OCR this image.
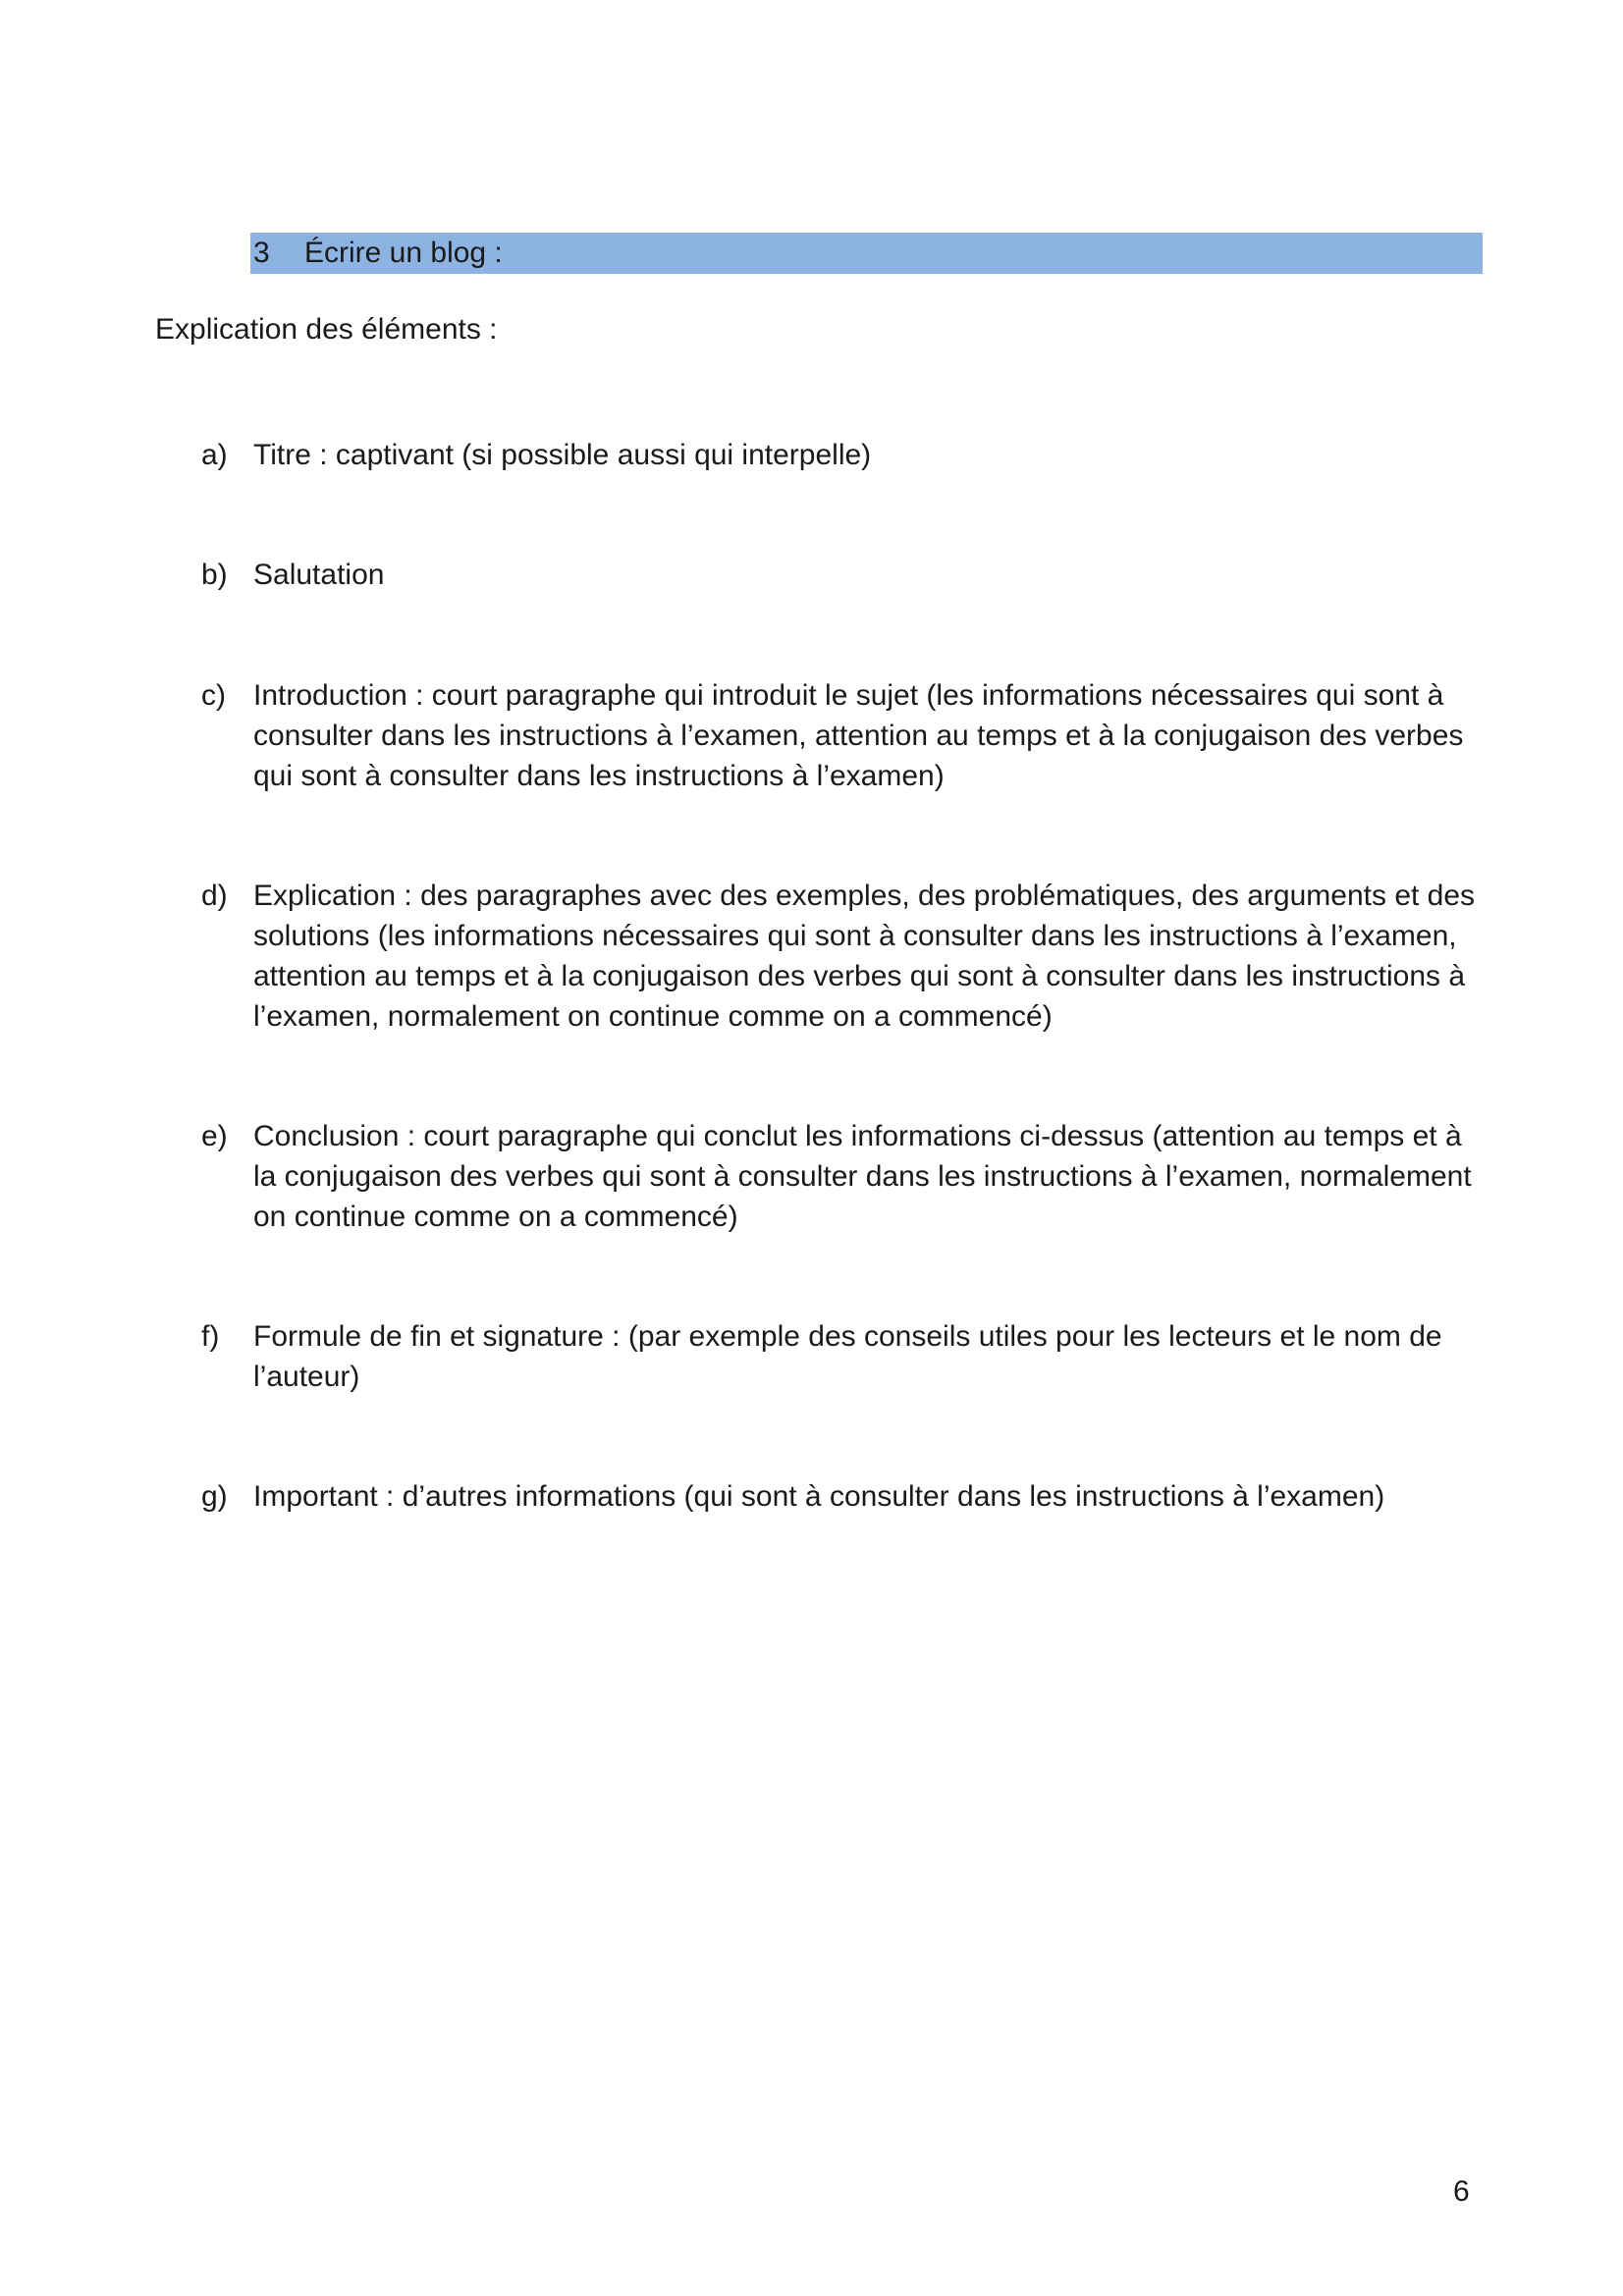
3	Écrire un blog :
Explication des éléments :
a) Titre : captivant (si possible aussi qui interpelle)
b) Salutation
c) Introduction : court paragraphe qui introduit le sujet (les informations nécessaires qui sont à consulter dans les instructions à l’examen, attention au temps et à la conjugaison des verbes qui sont à consulter dans les instructions à l’examen)
d) Explication : des paragraphes avec des exemples, des problématiques, des arguments et des solutions (les informations nécessaires qui sont à consulter dans les instructions à l’examen, attention au temps et à la conjugaison des verbes qui sont à consulter dans les instructions à l’examen, normalement on continue comme on a commencé)
e) Conclusion : court paragraphe qui conclut les informations ci-dessus (attention au temps et à la conjugaison des verbes qui sont à consulter dans les instructions à l’examen, normalement on continue comme on a commencé)
f)	Formule de fin et signature : (par exemple des conseils utiles pour les lecteurs et le nom de l’auteur)
g) Important : d’autres informations (qui sont à consulter dans les instructions à l’examen)
6
